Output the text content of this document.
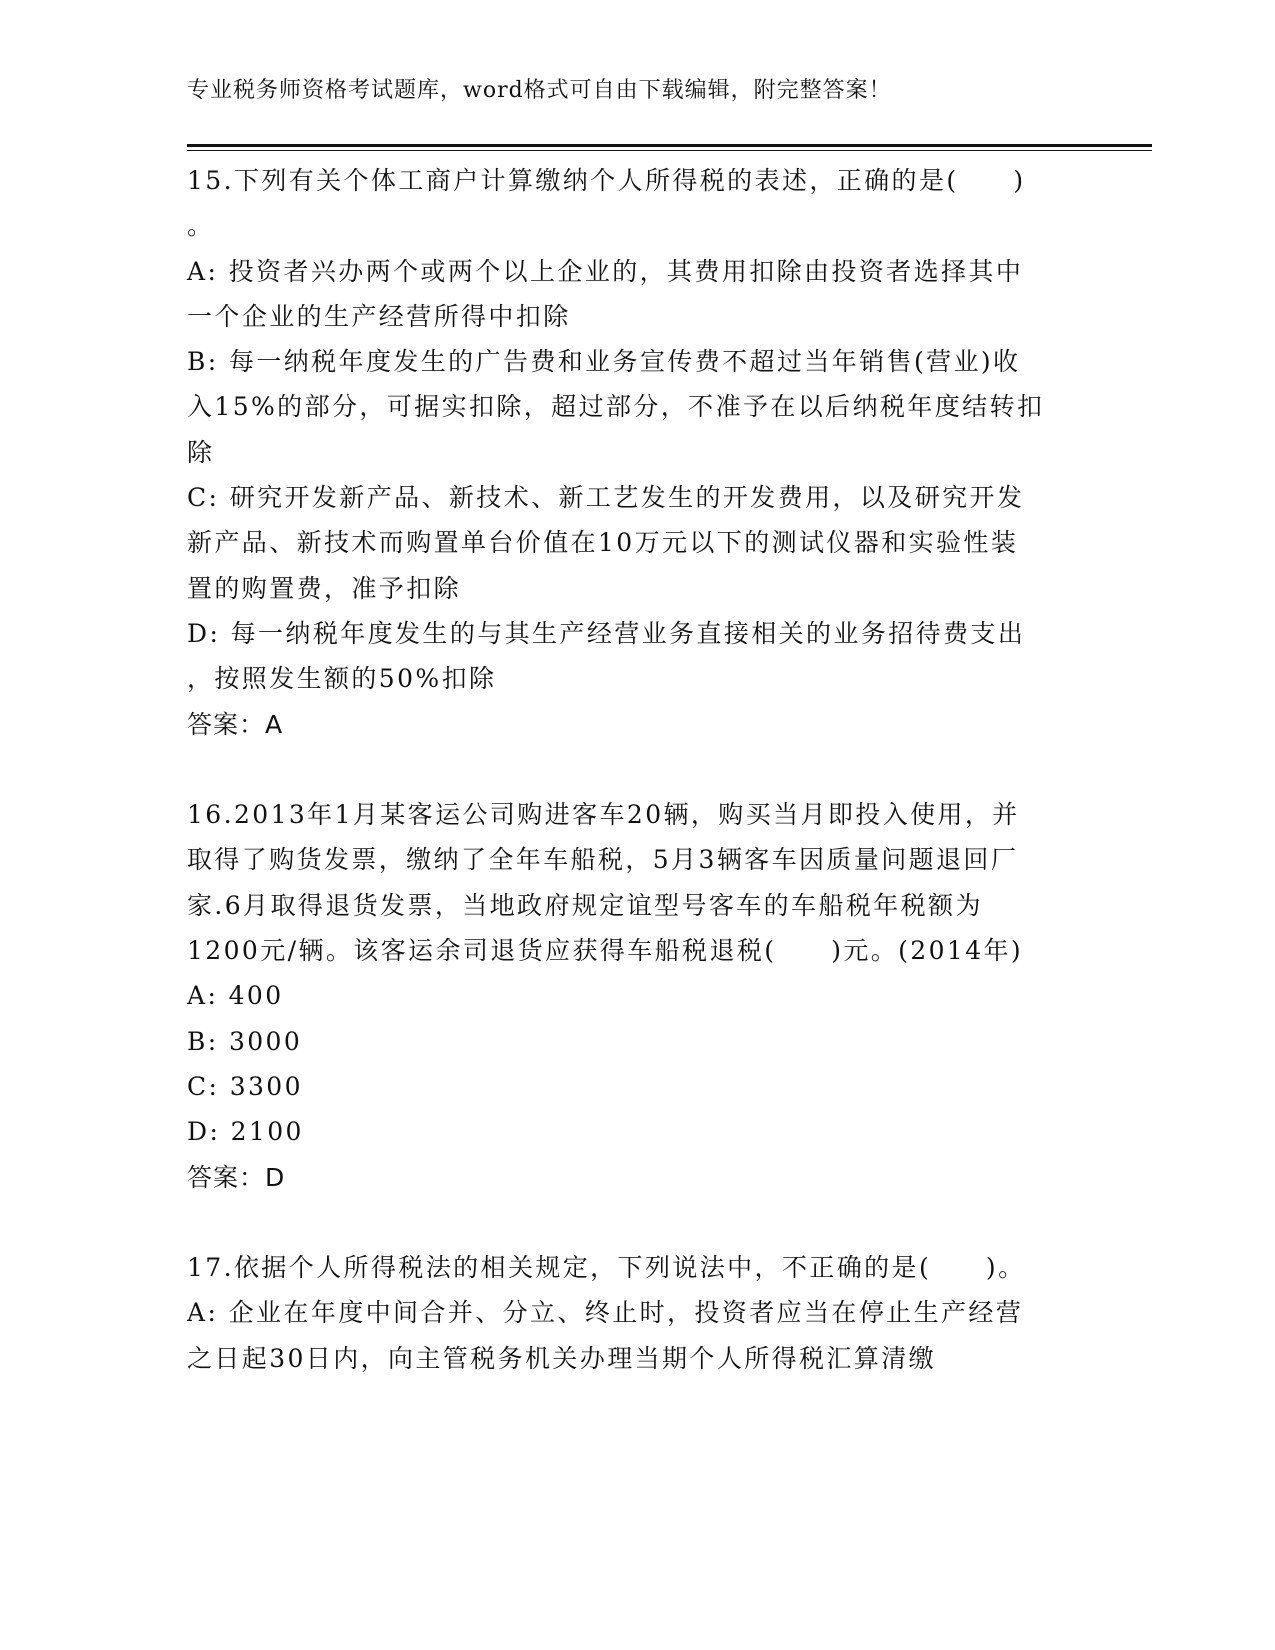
专业税务师资格考试题库，word格式可自由下载编辑，附完整答案！
15.下列有关个体工商户计算缴纳个人所得税的表述，正确的是(　　)
。
A: 投资者兴办两个或两个以上企业的，其费用扣除由投资者选择其中
一个企业的生产经营所得中扣除
B: 每一纳税年度发生的广告费和业务宣传费不超过当年销售(营业)收
入15%的部分，可据实扣除，超过部分，不准予在以后纳税年度结转扣
除
C: 研究开发新产品、新技术、新工艺发生的开发费用，以及研究开发
新产品、新技术而购置单台价值在10万元以下的测试仪器和实验性装
置的购置费，准予扣除
D: 每一纳税年度发生的与其生产经营业务直接相关的业务招待费支出
，按照发生额的50%扣除
答案：A
16.2013年1月某客运公司购进客车20辆，购买当月即投入使用，并
取得了购货发票，缴纳了全年车船税，5月3辆客车因质量问题退回厂
家.6月取得退货发票，当地政府规定谊型号客车的车船税年税额为
1200元/辆。该客运余司退货应获得车船税退税(　　)元。(2014年)
A: 400
B: 3000
C: 3300
D: 2100
答案：D
17.依据个人所得税法的相关规定，下列说法中，不正确的是(　　)。
A: 企业在年度中间合并、分立、终止时，投资者应当在停止生产经营
之日起30日内，向主管税务机关办理当期个人所得税汇算清缴
